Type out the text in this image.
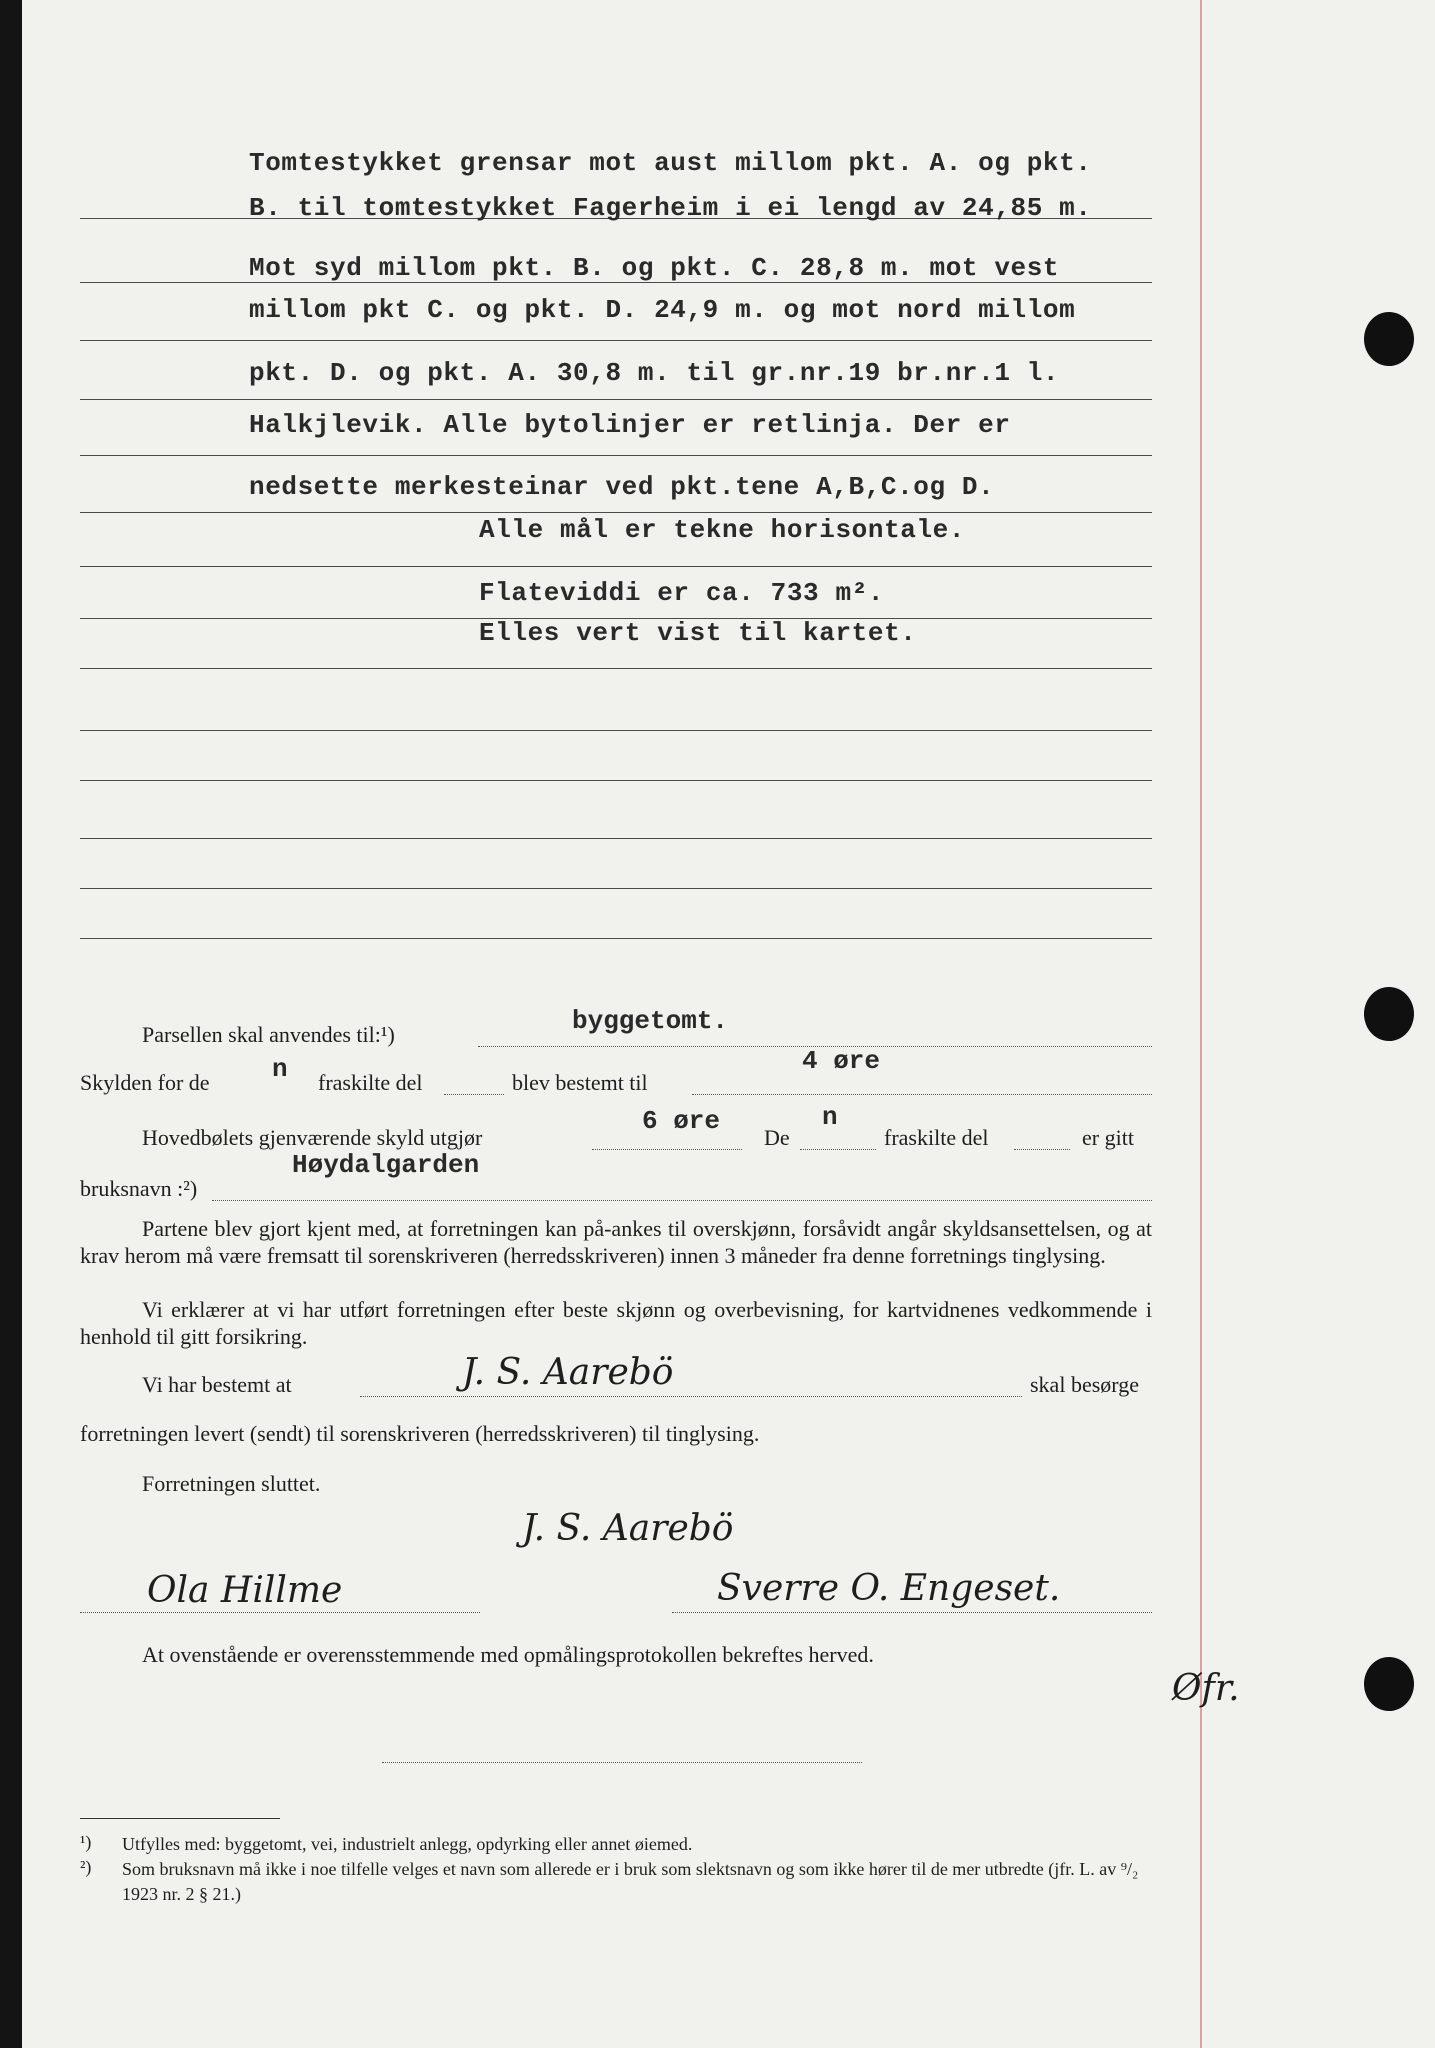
Tomtestykket grensar mot aust millom pkt. A. og pkt.
B. til tomtestykket Fagerheim i ei lengd av 24,85 m.
Mot syd millom pkt. B. og pkt. C. 28,8 m. mot vest
millom pkt C. og pkt. D. 24,9 m. og mot nord millom
pkt. D. og pkt. A. 30,8 m. til gr.nr.19 br.nr.1 l.
Halkjlevik. Alle bytolinjer er retlinja. Der er
nedsette merkesteinar ved pkt.tene A,B,C.og D.
Alle mål er tekne horisontale.
Flateviddi er ca. 733 m².
Elles vert vist til kartet.
Parsellen skal anvendes til:¹)	byggetomt.
Skylden for de n fraskilte del	blev bestemt til
4 øre
Hovedbølets gjenværende skyld utgjør
6 øre
De
n
fraskilte del	er gitt
bruksnavn :²)
Høydalgarden
Partene blev gjort kjent med, at forretningen kan på-ankes til overskjønn, forsåvidt angår skyldsansettelsen, og at krav herom må være fremsatt til sorenskriveren (herredsskriveren) innen 3 måneder fra denne forretnings tinglysing.
Vi erklærer at vi har utført forretningen efter beste skjønn og overbevisning, for kartvidnenes vedkommende i henhold til gitt forsikring.
Vi har bestemt at	J. S. Aarebö	skal besørge
forretningen levert (sendt) til sorenskriveren (herredsskriveren) til tinglysing.
Forretningen sluttet.
J. S. Aarebö
Ola Hillme	Sverre O. Engeset.
At ovenstående er overensstemmende med opmålingsprotokollen bekreftes herved.
Øfr.
¹) Utfylles med: byggetomt, vei, industrielt anlegg, opdyrking eller annet øiemed.
²) Som bruksnavn må ikke i noe tilfelle velges et navn som allerede er i bruk som slektsnavn og som ikke hører til de mer utbredte (jfr. L. av ⁹/₂ 1923 nr. 2 § 21.)
